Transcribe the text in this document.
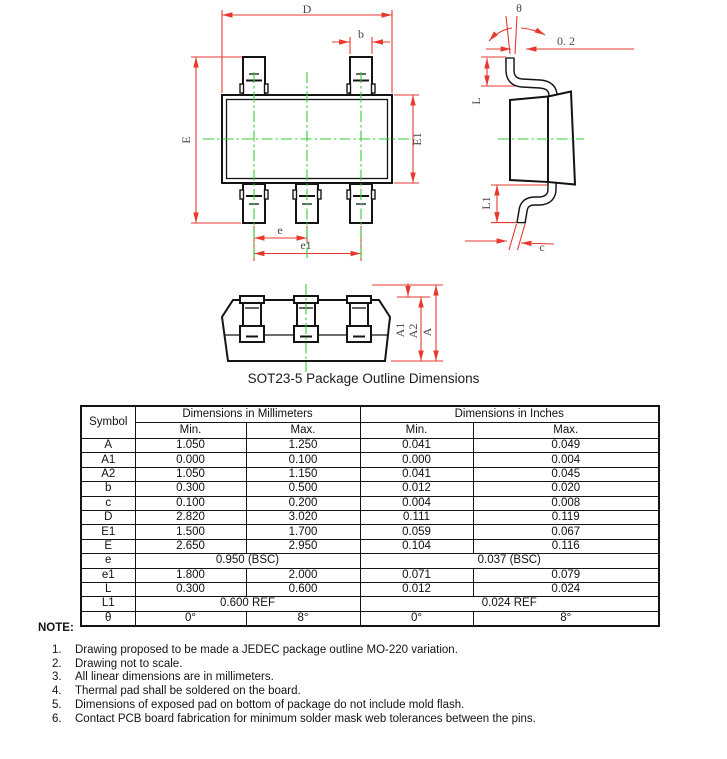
D
b
E	E1
e
e1
θ
0. 2
L
L1
c
A1 A2 A
SOT23-5 Package Outline Dimensions
Symbol	Dimensions in Millimeters		Dimensions in Inches	
	Min.	Max.	Min.	Max.
A	1.050	1.250	0.041	0.049
A1	0.000	0.100	0.000	0.004
A2	1.050	1.150	0.041	0.045
b	0.300	0.500	0.012	0.020
c	0.100	0.200	0.004	0.008
D	2.820	3.020	0.111	0.119
E1	1.500	1.700	0.059	0.067
E	2.650	2.950	0.104	0.116
e	0.950 (BSC)		0.037 (BSC)	
e1	1.800	2.000	0.071	0.079
L	0.300	0.600	0.012	0.024
L1	0.600 REF		0.024 REF	
θ	0°	8°	0°	8°
NOTE:
1.	Drawing proposed to be made a JEDEC package outline MO-220 variation.
2.	Drawing not to scale.
3.	All linear dimensions are in millimeters.
4.	Thermal pad shall be soldered on the board.
5.	Dimensions of exposed pad on bottom of package do not include mold flash.
6.	Contact PCB board fabrication for minimum solder mask web tolerances between the pins.
